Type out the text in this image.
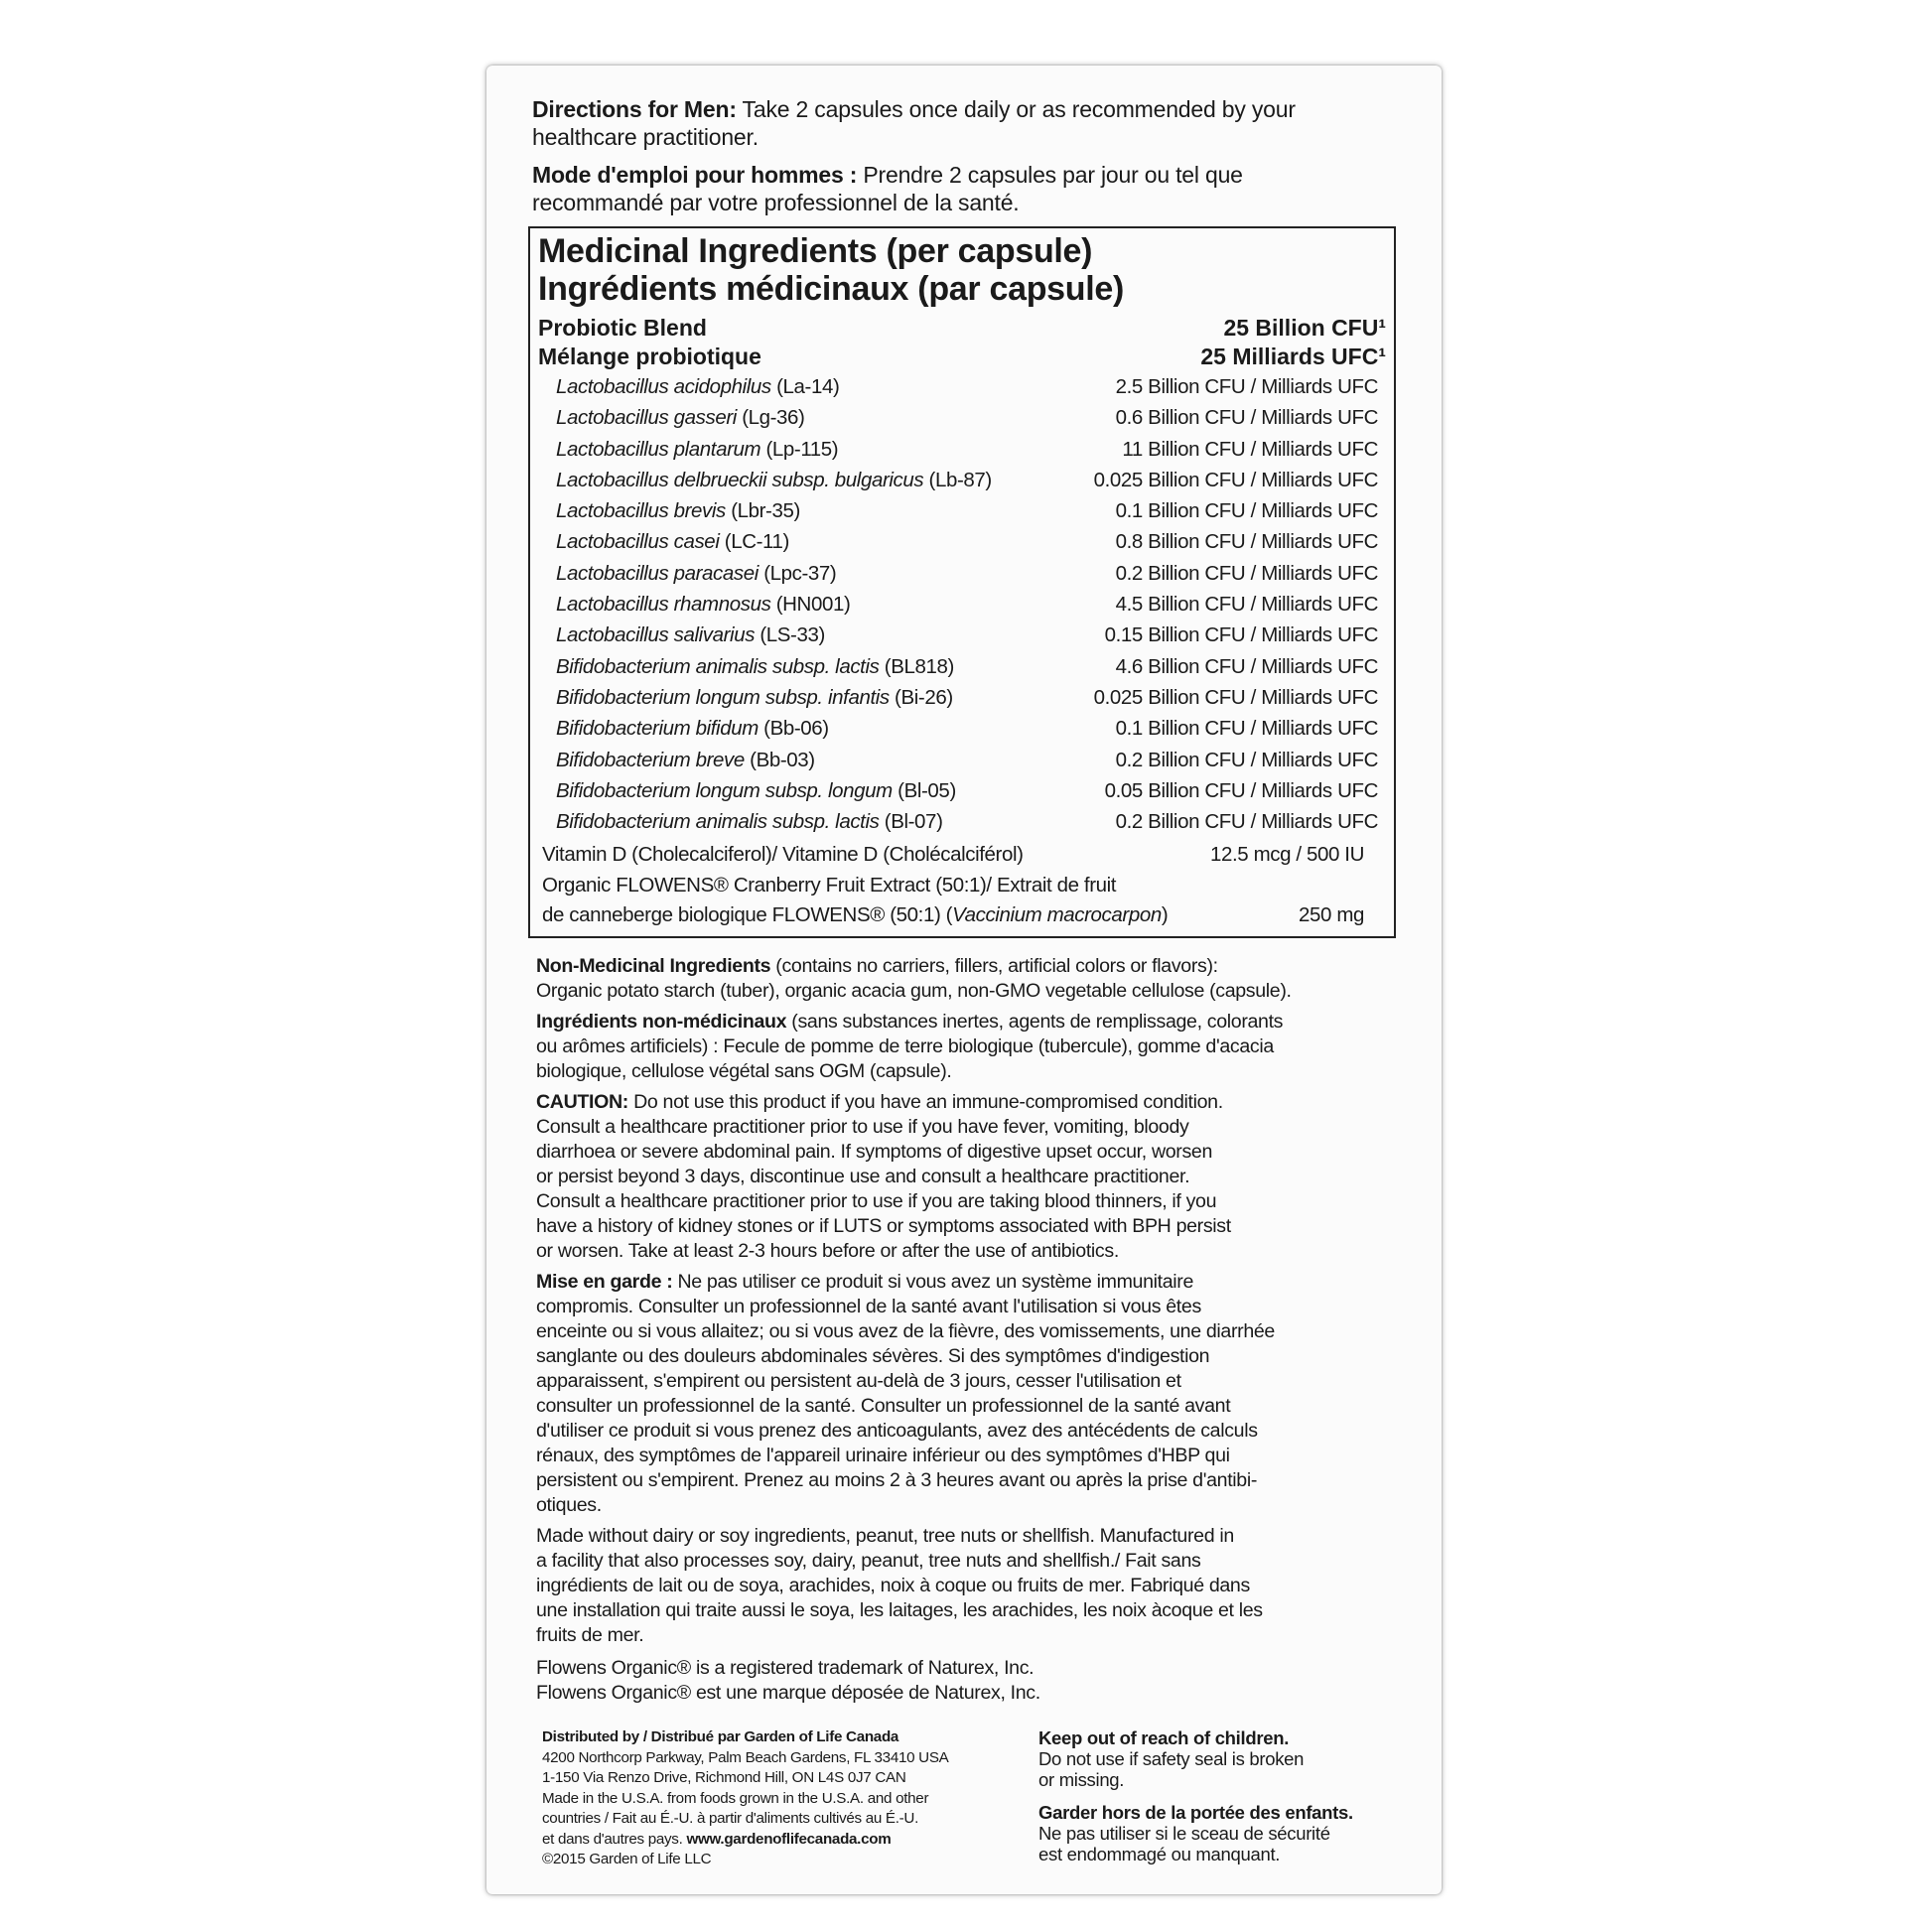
Directions for Men: Take 2 capsules once daily or as recommended by your
healthcare practitioner.
Mode d'emploi pour hommes : Prendre 2 capsules par jour ou tel que
recommandé par votre professionnel de la santé.
Medicinal Ingredients (per capsule)
Ingrédients médicinaux (par capsule)
Probiotic Blend	25 Billion CFU¹
Mélange probiotique	25 Milliards UFC¹
Lactobacillus acidophilus (La-14)	2.5 Billion CFU / Milliards UFC
Lactobacillus gasseri (Lg-36)	0.6 Billion CFU / Milliards UFC
Lactobacillus plantarum (Lp-115)	11 Billion CFU / Milliards UFC
Lactobacillus delbrueckii subsp. bulgaricus (Lb-87)	0.025 Billion CFU / Milliards UFC
Lactobacillus brevis (Lbr-35)	0.1 Billion CFU / Milliards UFC
Lactobacillus casei (LC-11)	0.8 Billion CFU / Milliards UFC
Lactobacillus paracasei (Lpc-37)	0.2 Billion CFU / Milliards UFC
Lactobacillus rhamnosus (HN001)	4.5 Billion CFU / Milliards UFC
Lactobacillus salivarius (LS-33)	0.15 Billion CFU / Milliards UFC
Bifidobacterium animalis subsp. lactis (BL818)	4.6 Billion CFU / Milliards UFC
Bifidobacterium longum subsp. infantis (Bi-26)	0.025 Billion CFU / Milliards UFC
Bifidobacterium bifidum (Bb-06)	0.1 Billion CFU / Milliards UFC
Bifidobacterium breve (Bb-03)	0.2 Billion CFU / Milliards UFC
Bifidobacterium longum subsp. longum (Bl-05)	0.05 Billion CFU / Milliards UFC
Bifidobacterium animalis subsp. lactis (Bl-07)	0.2 Billion CFU / Milliards UFC
Vitamin D (Cholecalciferol)/ Vitamine D (Cholécalciférol)	12.5 mcg / 500 IU
Organic FLOWENS® Cranberry Fruit Extract (50:1)/ Extrait de fruit
de canneberge biologique FLOWENS® (50:1) (Vaccinium macrocarpon)	250 mg
Non-Medicinal Ingredients (contains no carriers, fillers, artificial colors or flavors):
Organic potato starch (tuber), organic acacia gum, non-GMO vegetable cellulose (capsule).
Ingrédients non-médicinaux (sans substances inertes, agents de remplissage, colorants
ou arômes artificiels) : Fecule de pomme de terre biologique (tubercule), gomme d'acacia
biologique, cellulose végétal sans OGM (capsule).
CAUTION: Do not use this product if you have an immune-compromised condition.
Consult a healthcare practitioner prior to use if you have fever, vomiting, bloody
diarrhoea or severe abdominal pain. If symptoms of digestive upset occur, worsen
or persist beyond 3 days, discontinue use and consult a healthcare practitioner.
Consult a healthcare practitioner prior to use if you are taking blood thinners, if you
have a history of kidney stones or if LUTS or symptoms associated with BPH persist
or worsen. Take at least 2-3 hours before or after the use of antibiotics.
Mise en garde : Ne pas utiliser ce produit si vous avez un système immunitaire
compromis. Consulter un professionnel de la santé avant l'utilisation si vous êtes
enceinte ou si vous allaitez; ou si vous avez de la fièvre, des vomissements, une diarrhée
sanglante ou des douleurs abdominales sévères. Si des symptômes d'indigestion
apparaissent, s'empirent ou persistent au-delà de 3 jours, cesser l'utilisation et
consulter un professionnel de la santé. Consulter un professionnel de la santé avant
d'utiliser ce produit si vous prenez des anticoagulants, avez des antécédents de calculs
rénaux, des symptômes de l'appareil urinaire inférieur ou des symptômes d'HBP qui
persistent ou s'empirent. Prenez au moins 2 à 3 heures avant ou après la prise d'antibi-
otiques.
Made without dairy or soy ingredients, peanut, tree nuts or shellfish. Manufactured in
a facility that also processes soy, dairy, peanut, tree nuts and shellfish./ Fait sans
ingrédients de lait ou de soya, arachides, noix à coque ou fruits de mer. Fabriqué dans
une installation qui traite aussi le soya, les laitages, les arachides, les noix àcoque et les
fruits de mer.
Flowens Organic® is a registered trademark of Naturex, Inc.
Flowens Organic® est une marque déposée de Naturex, Inc.
Distributed by / Distribué par Garden of Life Canada
4200 Northcorp Parkway, Palm Beach Gardens, FL 33410 USA
1-150 Via Renzo Drive, Richmond Hill, ON L4S 0J7 CAN
Made in the U.S.A. from foods grown in the U.S.A. and other
countries / Fait au É.-U. à partir d'aliments cultivés au É.-U.
et dans d'autres pays. www.gardenoflifecanada.com
©2015 Garden of Life LLC
Keep out of reach of children.
Do not use if safety seal is broken
or missing.
Garder hors de la portée des enfants.
Ne pas utiliser si le sceau de sécurité
est endommagé ou manquant.
